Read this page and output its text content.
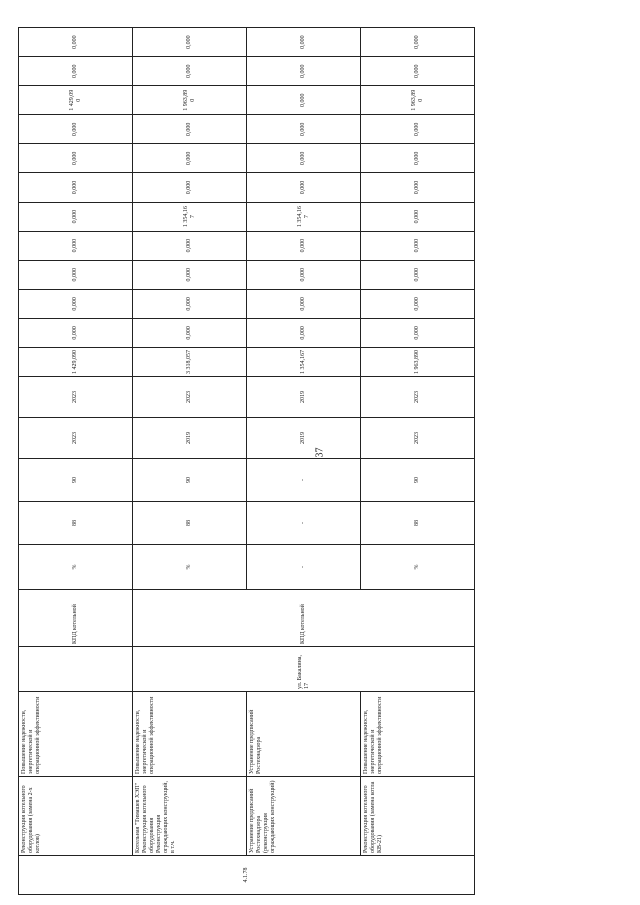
37
4.1.78	Реконструкция котельного оборудования (замена 2-х котлов)	Повышение надежности, энергетической и операционной эффективности		КПД котельной	%	88	90	2023	2023	1 429,090	0,000	0,000	0,000	0,000	0,000	0,000	0,000	0,000	1 429,09 0	0,000	0,000
	Котельная "Тимашев ХЭП" Реконструкция котельного оборудования Реконструкция ограждающих конструкций, в т.ч.	Повышение надежности, энергетической и операционной эффективности	ул. Бакалина, 17	КПД котельной	%	88	90	2019	2023	3 318,057	0,000	0,000	0,000	0,000	1 354,16 7	0,000	0,000	0,000	1 963,89 0	0,000	0,000
	Устранение предписаний Ростехнадзора (реконструкция ограждающих конструкций)	Устранение предписаний Ростехнадзора			-	-	-	2019	2019	1 354,167	0,000	0,000	0,000	0,000	1 354,16 7	0,000	0,000	0,000	0,000	0,000	0,000
	Реконструкция котельного оборудования (замена котла КВ-21)	Повышение надежности, энергетической и операционной эффективности			%	88	90	2023	2023	1 963,890	0,000	0,000	0,000	0,000	0,000	0,000	0,000	0,000	1 963,89 0	0,000	0,000
